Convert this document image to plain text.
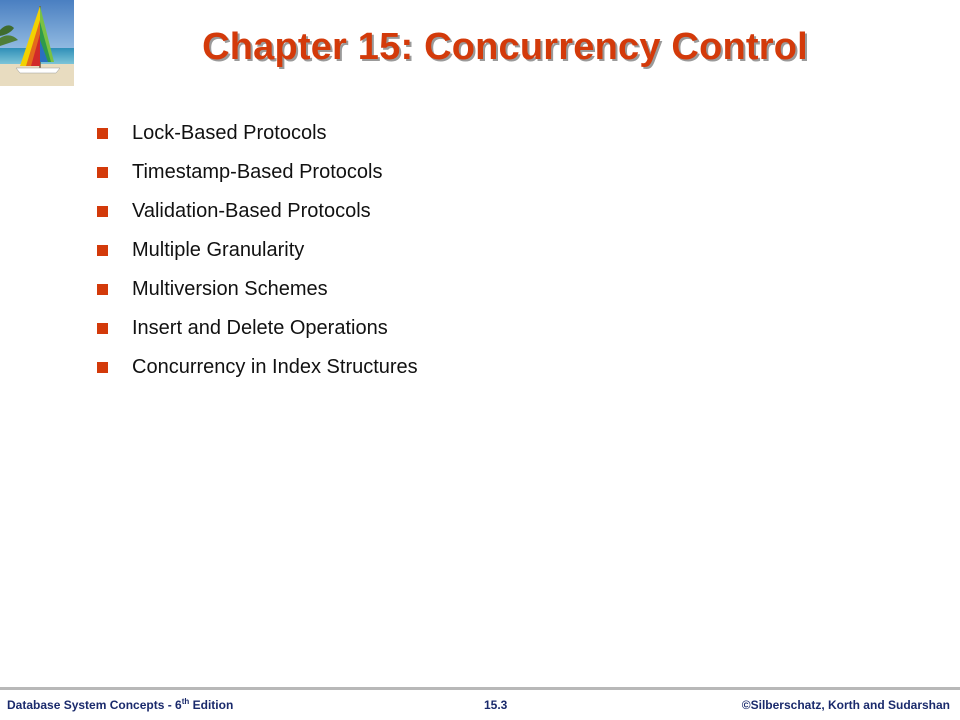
Chapter 15: Concurrency Control
Lock-Based Protocols
Timestamp-Based Protocols
Validation-Based Protocols
Multiple Granularity
Multiversion Schemes
Insert and Delete Operations
Concurrency in Index Structures
Database System Concepts - 6th Edition	15.3	©Silberschatz, Korth and Sudarshan
